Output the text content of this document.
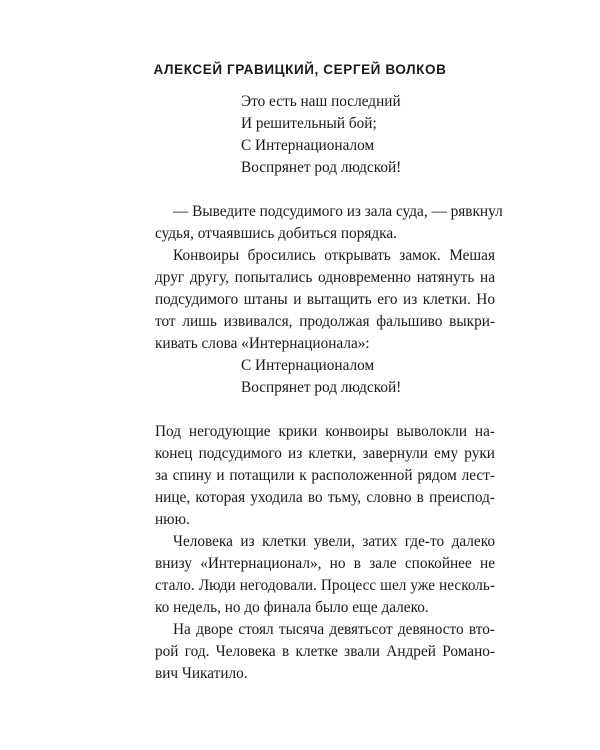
АЛЕКСЕЙ ГРАВИЦКИЙ, СЕРГЕЙ ВОЛКОВ
Это есть наш последний
И решительный бой;
С Интернационалом
Воспрянет род людской!
— Выведите подсудимого из зала суда, — рявкнул
судья, отчаявшись добиться порядка.
Конвоиры бросились открывать замок. Мешая
друг другу, попытались одновременно натянуть на
подсудимого штаны и вытащить его из клетки. Но
тот лишь извивался, продолжая фальшиво выкри-
кивать слова «Интернационала»:
С Интернационалом
Воспрянет род людской!
Под негодующие крики конвоиры выволокли на-
конец подсудимого из клетки, завернули ему руки
за спину и потащили к расположенной рядом лест-
нице, которая уходила во тьму, словно в преиспод-
нюю.
Человека из клетки увели, затих где-то далеко
внизу «Интернационал», но в зале спокойнее не
стало. Люди негодовали. Процесс шел уже несколь-
ко недель, но до финала было еще далеко.
На дворе стоял тысяча девятьсот девяносто вто-
рой год. Человека в клетке звали Андрей Романо-
вич Чикатило.
